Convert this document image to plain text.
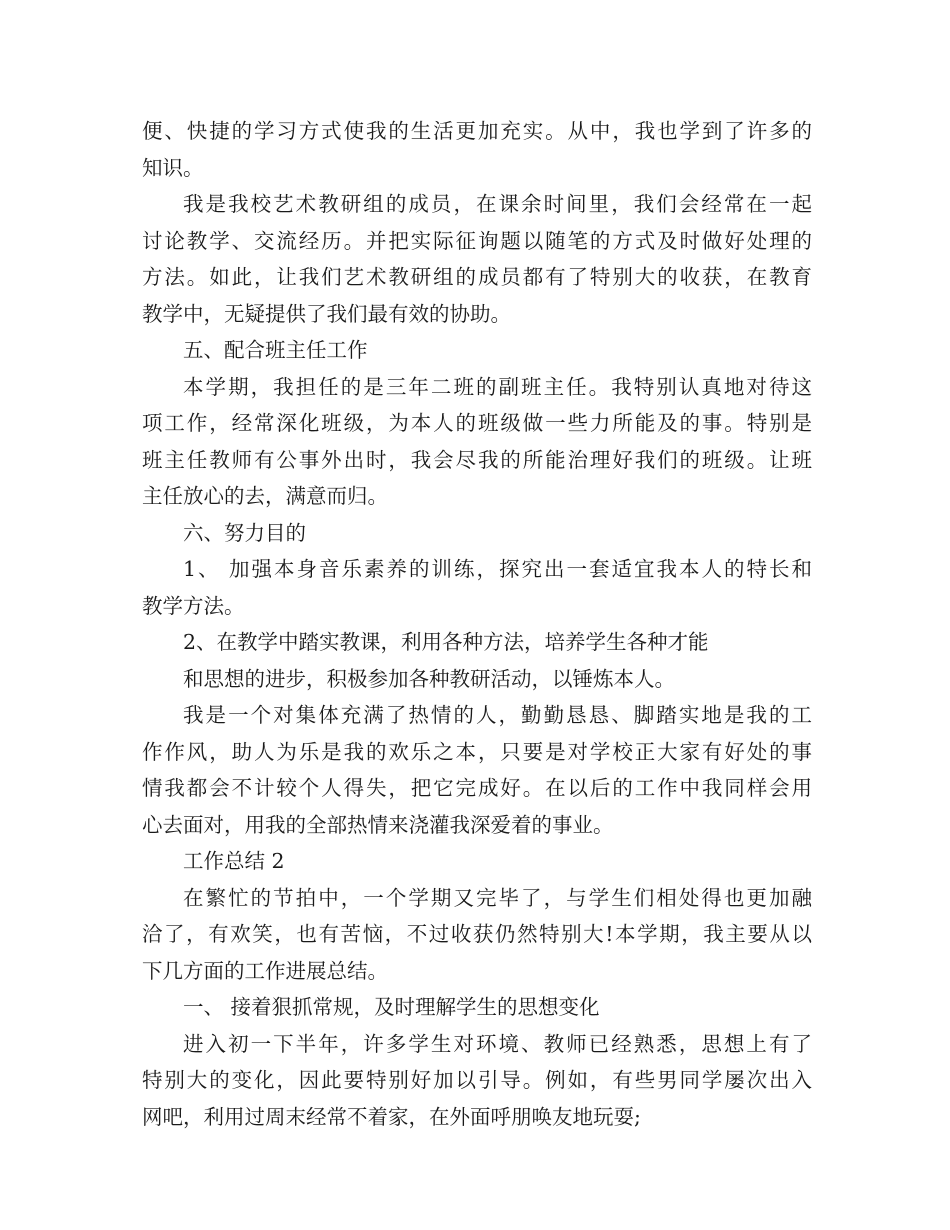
便、快捷的学习方式使我的生活更加充实。从中，我也学到了许多的
知识。
我是我校艺术教研组的成员，在课余时间里，我们会经常在一起
讨论教学、交流经历。并把实际征询题以随笔的方式及时做好处理的
方法。如此，让我们艺术教研组的成员都有了特别大的收获，在教育
教学中，无疑提供了我们最有效的协助。
五、配合班主任工作
本学期，我担任的是三年二班的副班主任。我特别认真地对待这
项工作，经常深化班级，为本人的班级做一些力所能及的事。特别是
班主任教师有公事外出时，我会尽我的所能治理好我们的班级。让班
主任放心的去，满意而归。
六、努力目的
1、 加强本身音乐素养的训练，探究出一套适宜我本人的特长和
教学方法。
2、在教学中踏实教课，利用各种方法，培养学生各种才能
和思想的进步，积极参加各种教研活动，以锤炼本人。
我是一个对集体充满了热情的人，勤勤恳恳、脚踏实地是我的工
作作风，助人为乐是我的欢乐之本，只要是对学校正大家有好处的事
情我都会不计较个人得失，把它完成好。在以后的工作中我同样会用
心去面对，用我的全部热情来浇灌我深爱着的事业。
工作总结 2
在繁忙的节拍中，一个学期又完毕了，与学生们相处得也更加融
洽了，有欢笑，也有苦恼，不过收获仍然特别大!本学期，我主要从以
下几方面的工作进展总结。
一、 接着狠抓常规，及时理解学生的思想变化
进入初一下半年，许多学生对环境、教师已经熟悉，思想上有了
特别大的变化，因此要特别好加以引导。例如，有些男同学屡次出入
网吧，利用过周末经常不着家，在外面呼朋唤友地玩耍;
